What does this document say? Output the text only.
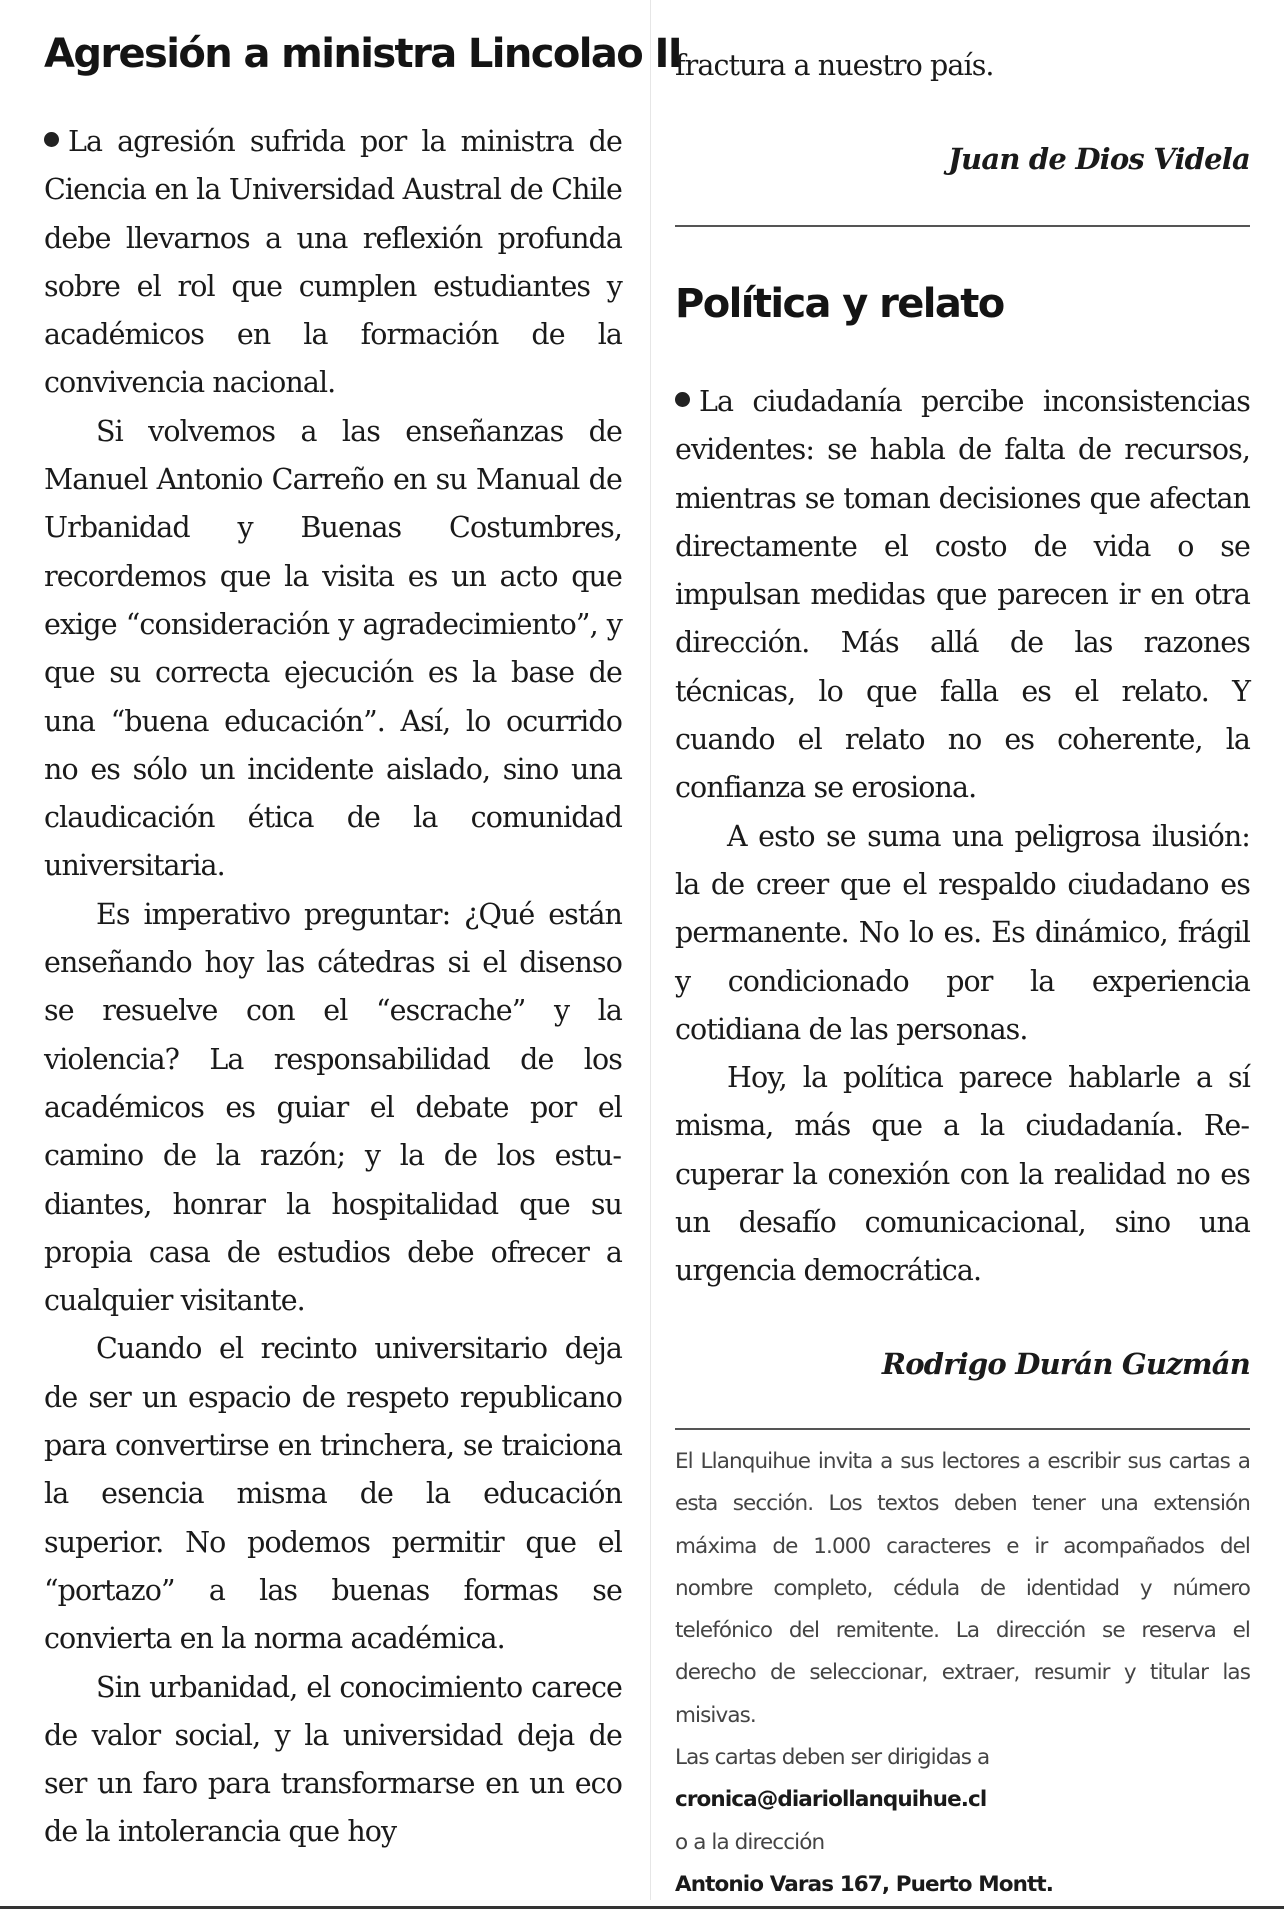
Agresión a ministra Lincolao II

La agresión sufrida por la ministra de Ciencia en la Universidad Austral de Chile debe llevarnos a una reflexión profunda sobre el rol que cumplen estudiantes y académicos en la formación de la convivencia nacional.

Si volvemos a las enseñanzas de Manuel Antonio Carreño en su Manual de Urbanidad y Buenas Costumbres, recordemos que la visita es un acto que exige “consideración y agradecimiento”, y que su correcta ejecución es la base de una “buena educación”. Así, lo ocurrido no es sólo un incidente aislado, sino una claudicación ética de la comunidad universitaria.

Es imperativo preguntar: ¿Qué están enseñando hoy las cátedras si el disenso se resuelve con el “escrache” y la violencia? La responsabilidad de los académicos es guiar el debate por el camino de la razón; y la de los estudiantes, honrar la hospitalidad que su propia casa de estudios debe ofrecer a cualquier visitante.

Cuando el recinto universitario deja de ser un espacio de respeto republicano para convertirse en trinchera, se traiciona la esencia misma de la educación superior. No podemos permitir que el “portazo” a las buenas formas se convierta en la norma académica.

Sin urbanidad, el conocimiento carece de valor social, y la universidad deja de ser un faro para transformarse en un eco de la intolerancia que hoy

fractura a nuestro país.

Juan de Dios Videla

Política y relato

La ciudadanía percibe inconsistencias evidentes: se habla de falta de recursos, mientras se toman decisiones que afectan directamente el costo de vida o se impulsan medidas que parecen ir en otra dirección. Más allá de las razones técnicas, lo que falla es el relato. Y cuando el relato no es coherente, la confianza se erosiona.

A esto se suma una peligrosa ilusión: la de creer que el respaldo ciudadano es permanente. No lo es. Es dinámico, frágil y condicionado por la experiencia cotidiana de las personas.

Hoy, la política parece hablarle a sí misma, más que a la ciudadanía. Recuperar la conexión con la realidad no es un desafío comunicacional, sino una urgencia democrática.

Rodrigo Durán Guzmán

El Llanquihue invita a sus lectores a escribir sus cartas a esta sección. Los textos deben tener una extensión máxima de 1.000 caracteres e ir acompañados del nombre completo, cédula de identidad y número telefónico del remitente. La dirección se reserva el derecho de seleccionar, extraer, resumir y titular las misivas.

Las cartas deben ser dirigidas a

cronica@diariollanquihue.cl

o a la dirección

Antonio Varas 167, Puerto Montt.
